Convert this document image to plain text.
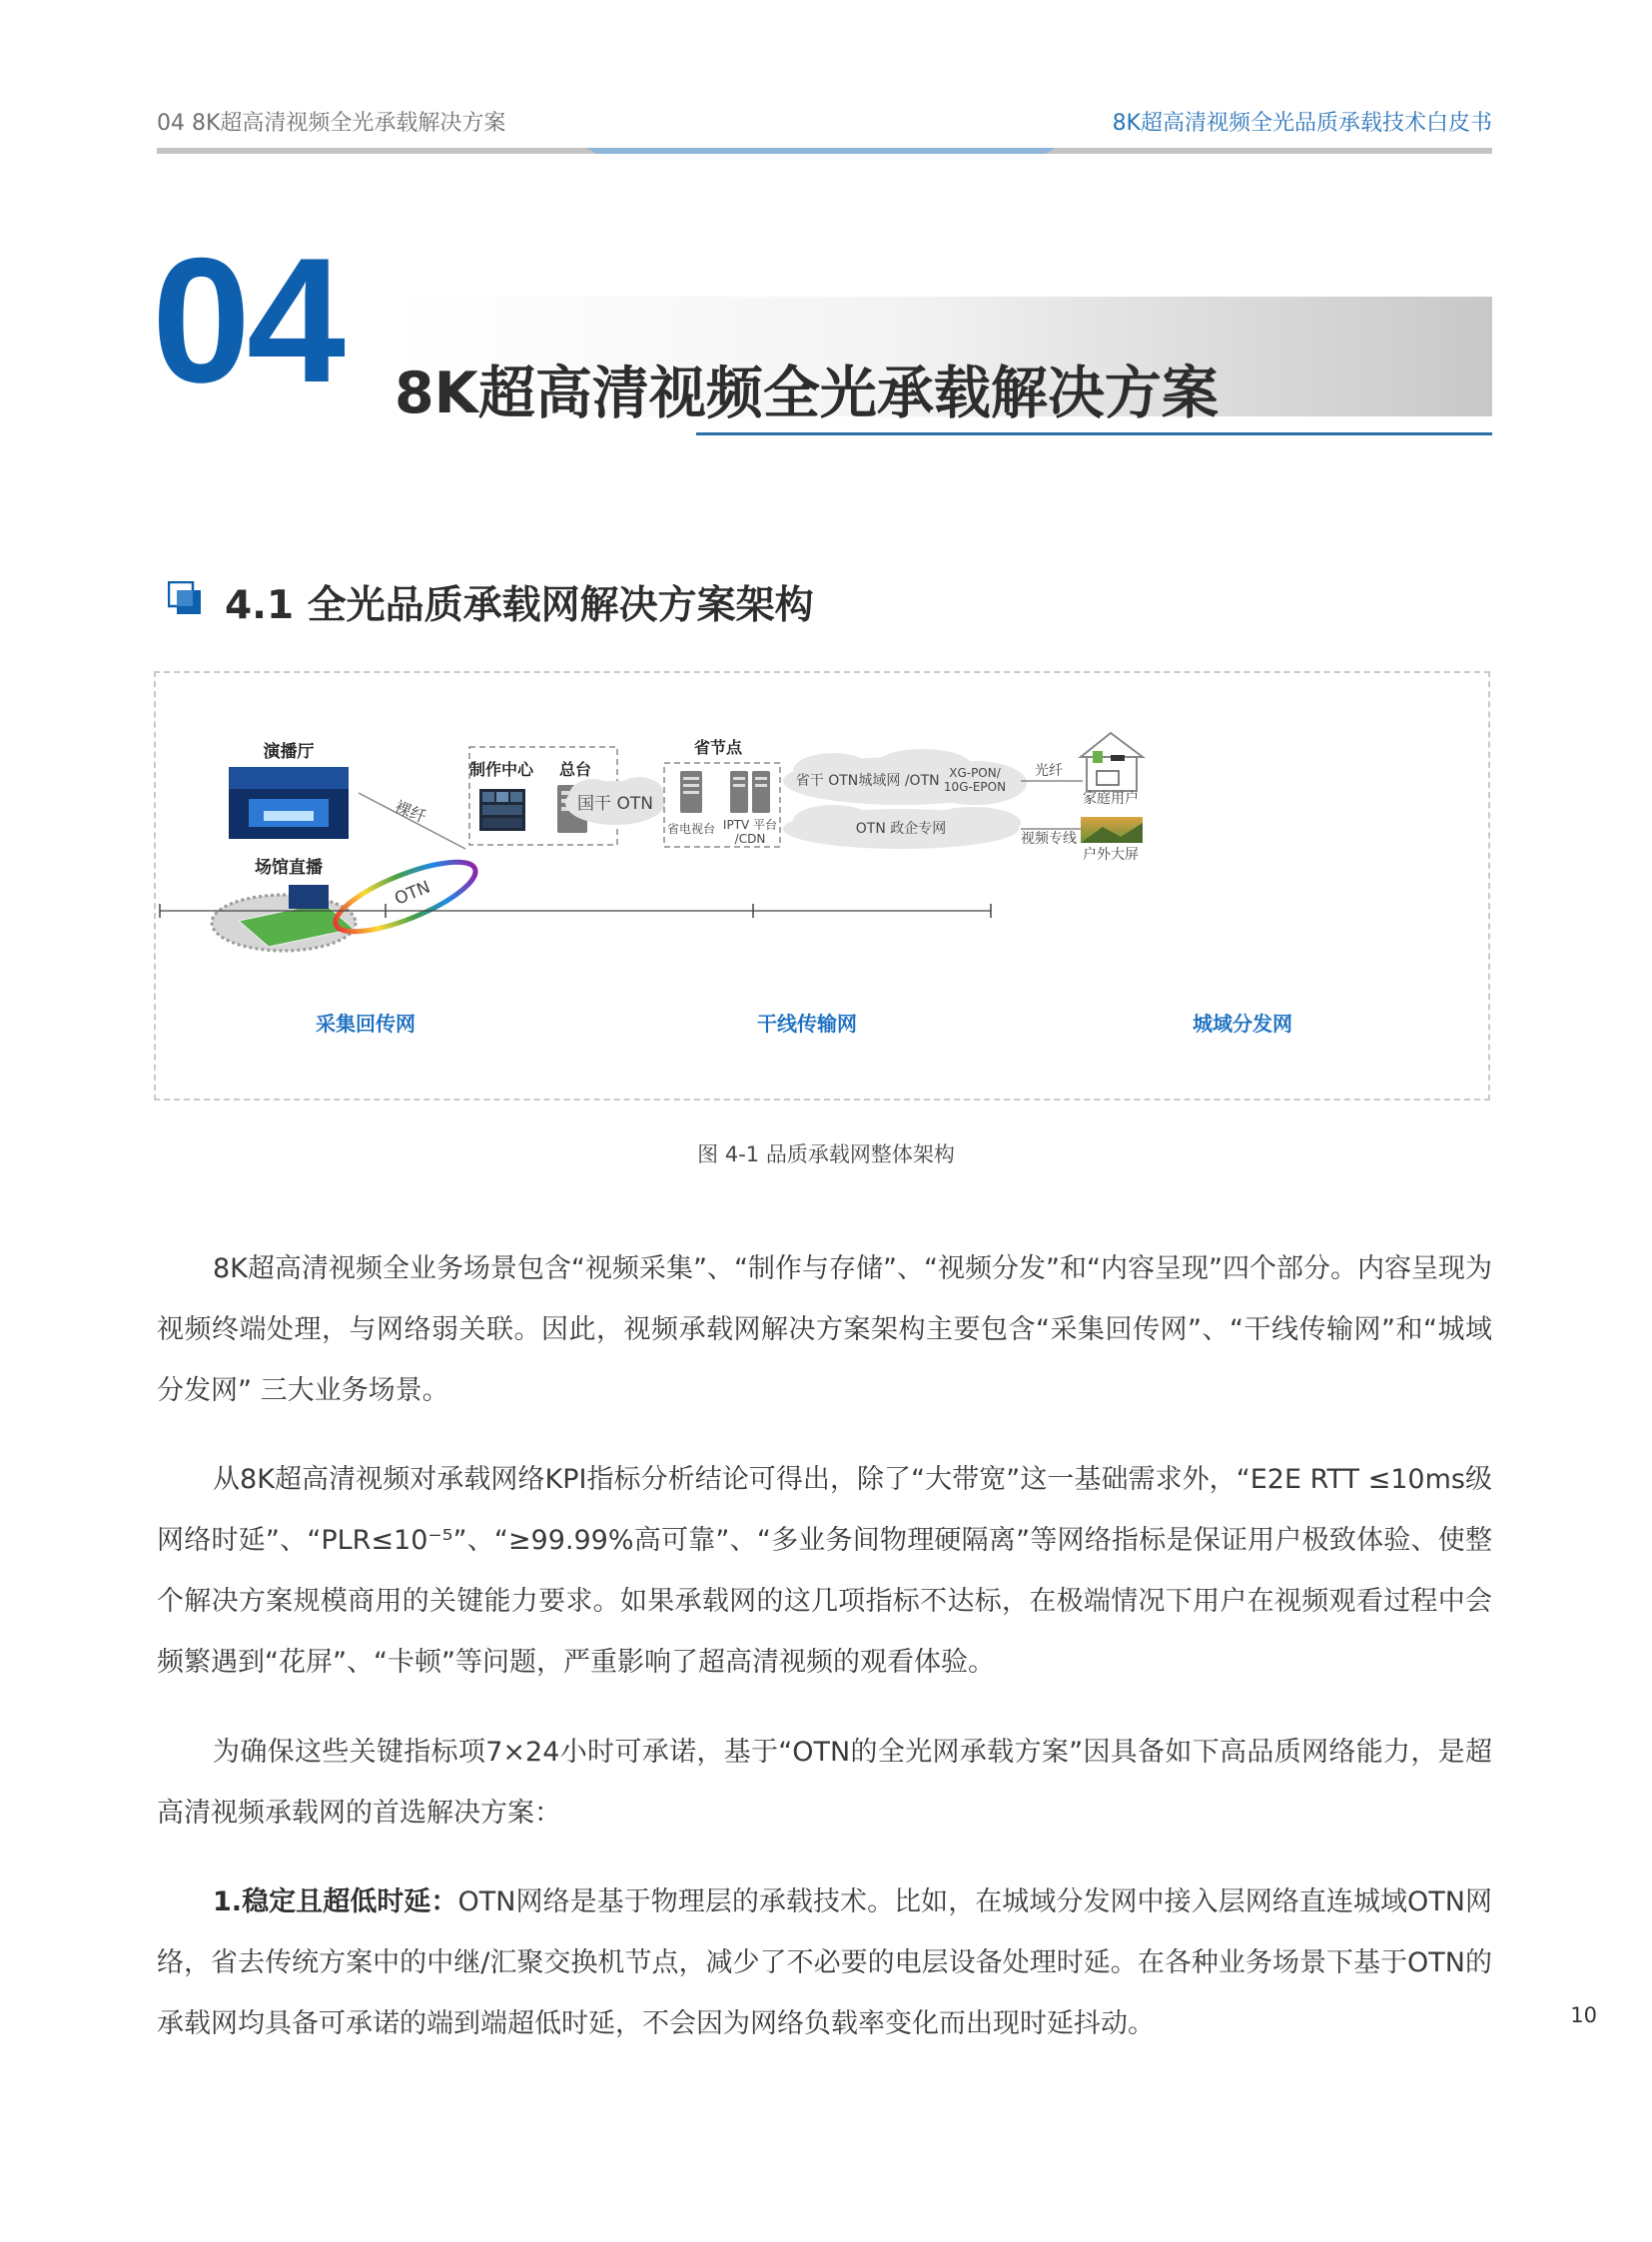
04 8K超高清视频全光承载解决方案	8K超高清视频全光品质承载技术白皮书
04 8K超高清视频全光承载解决方案
4.1 全光品质承载网解决方案架构
演播厅
场馆直播
裸纤
OTN
制作中心 总台
国干 OTN
省节点
省电视台 IPTV 平台
/CDN
省干 OTN 城域网 /OTN XG-PON/
10G-EPON
OTN 政企专网
光纤
视频专线
家庭用户
户外大屏
采集回传网	干线传输网	城域分发网
图 4-1 品质承载网整体架构

8K超高清视频全业务场景包含“视频采集”、“制作与存储”、“视频分发”和“内容呈现”四个部分。内容呈现为视频终端处理，与网络弱关联。因此，视频承载网解决方案架构主要包含“采集回传网”、“干线传输网”和“城域分发网” 三大业务场景。

从8K超高清视频对承载网络KPI指标分析结论可得出，除了“大带宽”这一基础需求外，“E2E RTT ≤10ms级网络时延”、“PLR≤10⁻⁵”、“≥99.99%高可靠”、“多业务间物理硬隔离”等网络指标是保证用户极致体验、使整个解决方案规模商用的关键能力要求。如果承载网的这几项指标不达标，在极端情况下用户在视频观看过程中会频繁遇到“花屏”、“卡顿”等问题，严重影响了超高清视频的观看体验。

为确保这些关键指标项7×24小时可承诺，基于“OTN的全光网承载方案”因具备如下高品质网络能力，是超高清视频承载网的首选解决方案：

1.稳定且超低时延：OTN网络是基于物理层的承载技术。比如，在城域分发网中接入层网络直连城域OTN网络，省去传统方案中的中继/汇聚交换机节点，减少了不必要的电层设备处理时延。在各种业务场景下基于OTN的承载网均具备可承诺的端到端超低时延，不会因为网络负载率变化而出现时延抖动。	10
